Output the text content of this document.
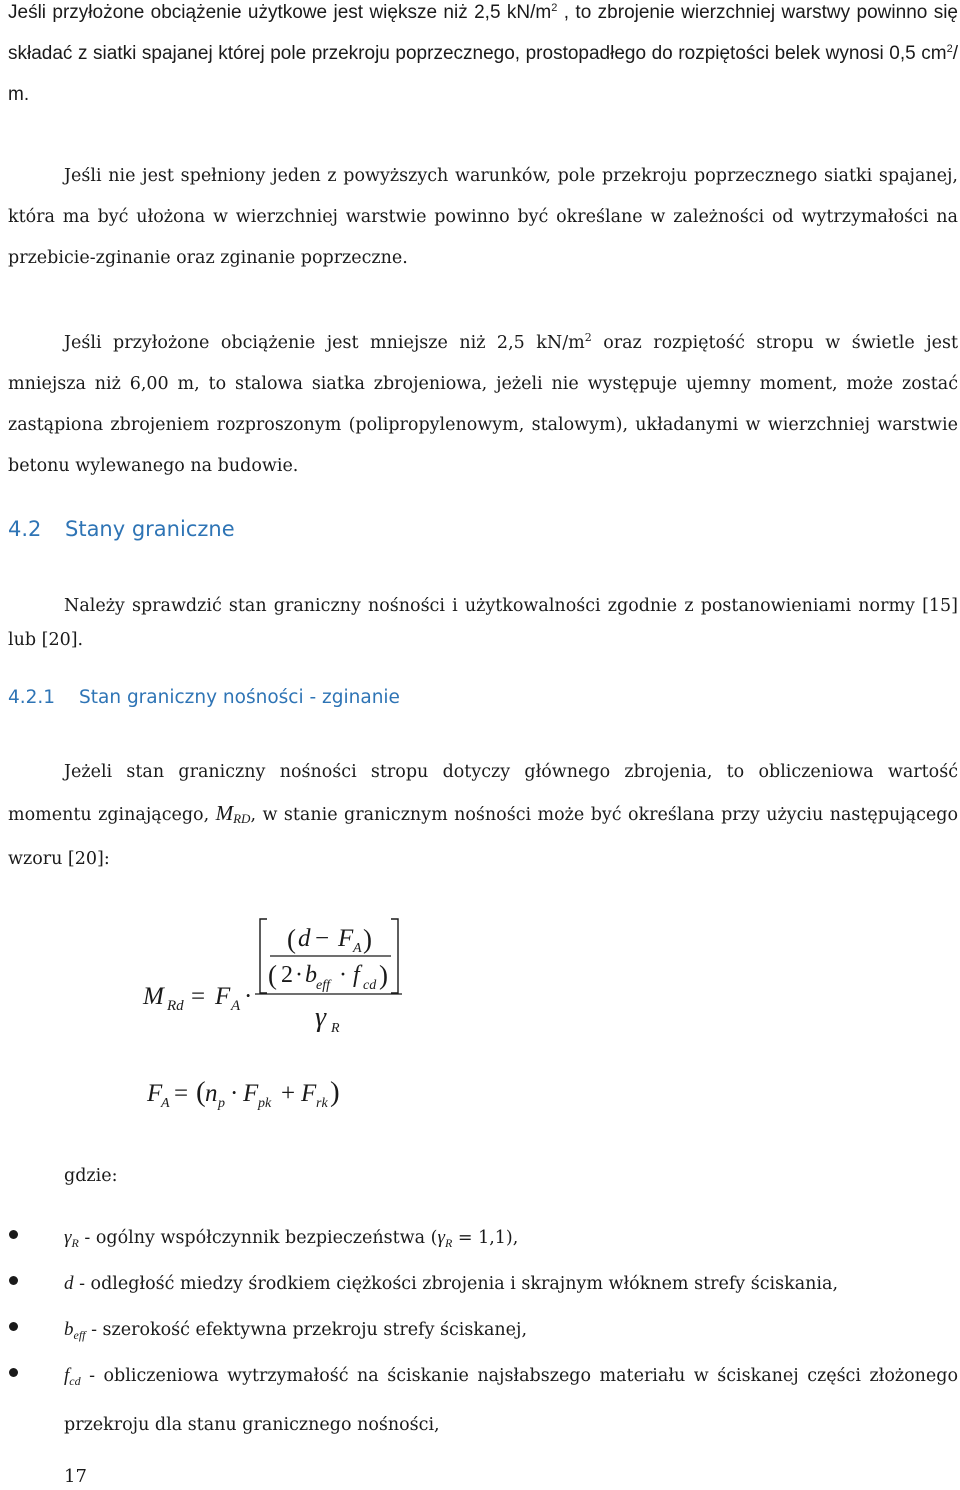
Jeśli przyłożone obciążenie użytkowe jest większe niż 2,5 $kN/m^2$ , to zbrojenie wierzchniej warstwy powinno się składać z siatki spajanej której pole przekroju poprzecznego, prostopadłego do rozpiętości belek wynosi 0,5 $cm^2/$ m.

Jeśli nie jest spełniony jeden z powyższych warunków, pole przekroju poprzecznego siatki spajanej, która ma być ułożona w wierzchniej warstwie powinno być określane w zależności od wytrzymałości na przebicie-zginanie oraz zginanie poprzeczne.

Jeśli przyłożone obciążenie jest mniejsze niż 2,5 $kN/m^2$ oraz rozpiętość stropu w świetle jest mniejsza niż 6,00 m, to stalowa siatka zbrojeniowa, jeżeli nie występuje ujemny moment, może zostać zastąpiona zbrojeniem rozproszonym (polipropylenowym, stalowym), układanymi w wierzchniej warstwie betonu wylewanego na budowie.

4.2 Stany graniczne

Należy sprawdzić stan graniczny nośności i użytkowalności zgodnie z postanowieniami normy [15] lub [20].

4.2.1 Stan graniczny nośności - zginanie

Jeżeli stan graniczny nośności stropu dotyczy głównego zbrojenia, to obliczeniowa wartość momentu zginającego, MRD, w stanie granicznym nośności może być określana przy użyciu następującego wzoru [20]:

M Rd = F A ·
( d − F A )
( 2 · b eff · f cd )
γ R
F
A = ( n p · F pk + F rk )
gdzie:
$\gamma_R$ - ogólny współczynnik bezpieczeństwa $(\gamma_R = 1,1)$,
d - odległość miedzy środkiem ciężkości zbrojenia i skrajnym włóknem strefy ściskania,
$b_{eff}$ - szerokość efektywna przekroju strefy ściskanej,
$f_{cd}$ - obliczeniowa wytrzymałość na ściskanie najsłabszego materiału w ściskanej części złożonego przekroju dla stanu granicznego nośności,
17
